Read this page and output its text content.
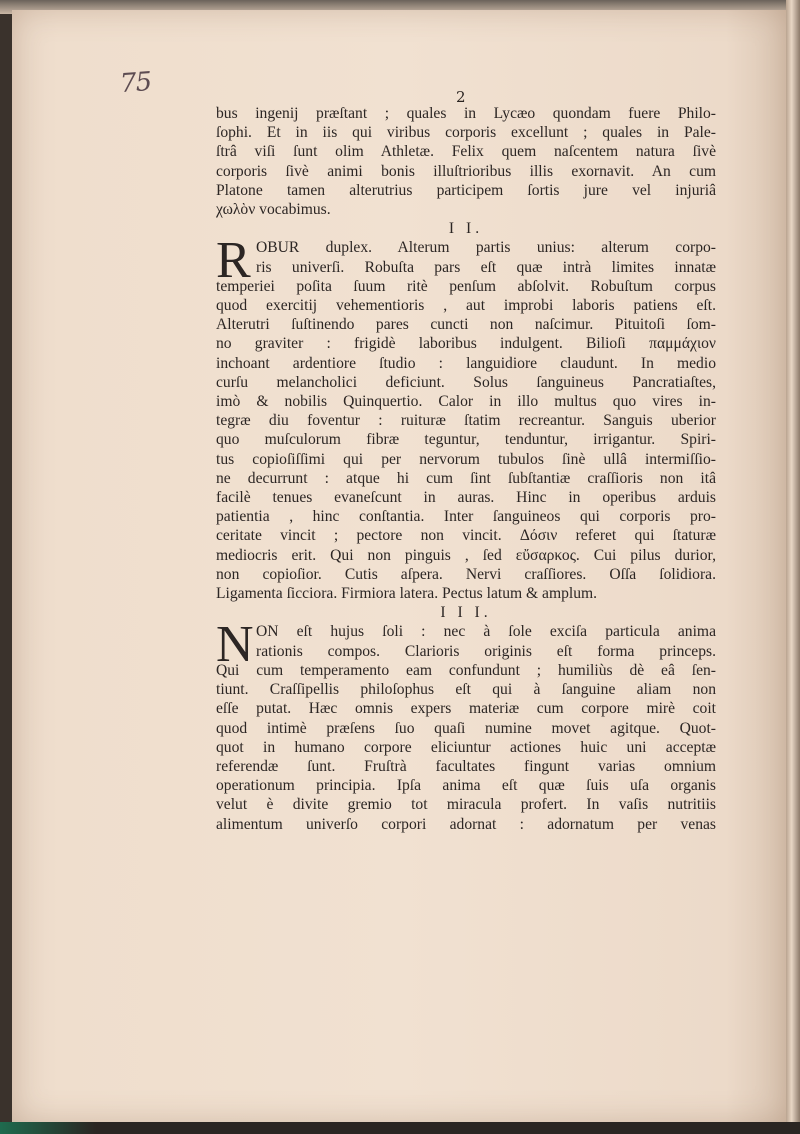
75	2
bus ingenij præſtant ; quales in Lycæo quondam fuere Philo-
ſophi. Et in iis qui viribus corporis excellunt ; quales in Pale-
ſtrâ viſi ſunt olim Athletæ. Felix quem naſcentem natura ſivè
corporis ſivè animi bonis illuſtrioribus illis exornavit. An cum
Platone tamen alterutrius participem ſortis jure vel injuriâ
χωλὸν vocabimus.
I I.
R OBUR duplex. Alterum partis unius: alterum corpo-
ris univerſi. Robuſta pars eſt quæ intrà limites innatæ
temperiei poſita ſuum ritè penſum abſolvit. Robuſtum corpus
quod exercitij vehementioris , aut improbi laboris patiens eſt.
Alterutri ſuſtinendo pares cuncti non naſcimur. Pituitoſi ſom-
no graviter : frigidè laboribus indulgent. Bilioſi παμμάχιον
inchoant ardentiore ſtudio : languidiore claudunt. In medio
curſu melancholici deficiunt. Solus ſanguineus Pancratiaſtes,
imò & nobilis Quinquertio. Calor in illo multus quo vires in-
tegræ diu foventur : ruituræ ſtatim recreantur. Sanguis uberior
quo muſculorum fibræ teguntur, tenduntur, irrigantur. Spiri-
tus copioſiſſimi qui per nervorum tubulos ſinè ullâ intermiſſio-
ne decurrunt : atque hi cum ſint ſubſtantiæ craſſioris non itâ
facilè tenues evaneſcunt in auras. Hinc in operibus arduis
patientia , hinc conſtantia. Inter ſanguineos qui corporis pro-
ceritate vincit ; pectore non vincit. Δόσιν referet qui ſtaturæ
mediocris erit. Qui non pinguis , ſed εὔσαρκος. Cui pilus durior,
non copioſior. Cutis aſpera. Nervi craſſiores. Oſſa ſolidiora.
Ligamenta ſicciora. Firmiora latera. Pectus latum & amplum.
I I I.
N ON eſt hujus ſoli : nec à ſole exciſa particula anima
rationis compos. Clarioris originis eſt forma princeps.
Qui cum temperamento eam confundunt ; humiliùs dè eâ ſen-
tiunt. Craſſipellis philoſophus eſt qui à ſanguine aliam non
eſſe putat. Hæc omnis expers materiæ cum corpore mirè coit
quod intimè præſens ſuo quaſi numine movet agitque. Quot-
quot in humano corpore eliciuntur actiones huic uni acceptæ
referendæ ſunt. Fruſtrà facultates fingunt varias omnium
operationum principia. Ipſa anima eſt quæ ſuis uſa organis
velut è divite gremio tot miracula profert. In vaſis nutritiis
alimentum univerſo corpori adornat : adornatum per venas
